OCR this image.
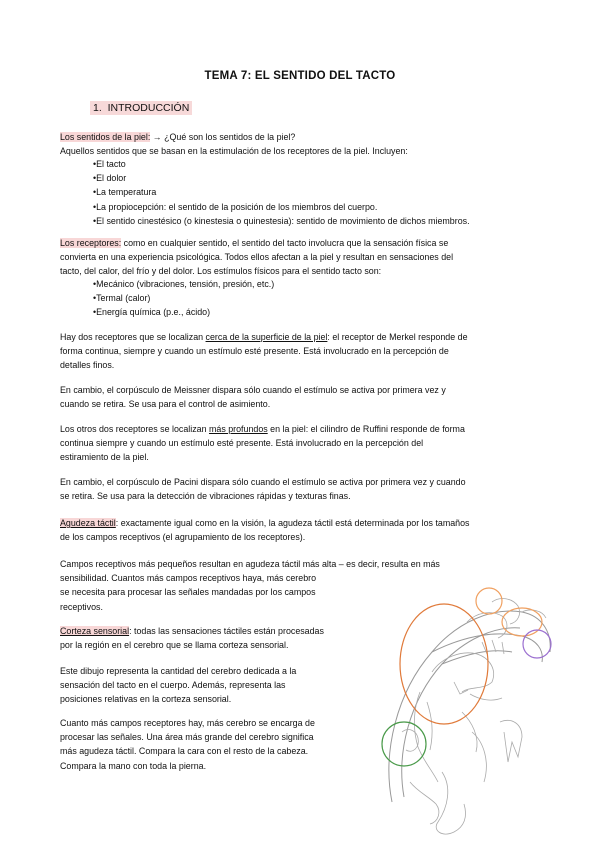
TEMA 7: EL SENTIDO DEL TACTO
1. INTRODUCCIÓN
Los sentidos de la piel: → ¿Qué son los sentidos de la piel?
Aquellos sentidos que se basan en la estimulación de los receptores de la piel. Incluyen:
• El tacto
• El dolor
• La temperatura
• La propiocepción: el sentido de la posición de los miembros del cuerpo.
• El sentido cinestésico (o kinestesia o quinestesia): sentido de movimiento de dichos miembros.
Los receptores: como en cualquier sentido, el sentido del tacto involucra que la sensación física se
convierta en una experiencia psicológica. Todos ellos afectan a la piel y resultan en sensaciones del
tacto, del calor, del frío y del dolor. Los estímulos físicos para el sentido tacto son:
• Mecánico (vibraciones, tensión, presión, etc.)
• Termal (calor)
• Energía química (p.e., ácido)
Hay dos receptores que se localizan cerca de la superficie de la piel: el receptor de Merkel responde de
forma continua, siempre y cuando un estímulo esté presente. Está involucrado en la percepción de
detalles finos.
En cambio, el corpúsculo de Meissner dispara sólo cuando el estímulo se activa por primera vez y
cuando se retira. Se usa para el control de asimiento.
Los otros dos receptores se localizan más profundos en la piel: el cilindro de Ruffini responde de forma
continua siempre y cuando un estímulo esté presente. Está involucrado en la percepción del
estiramiento de la piel.
En cambio, el corpúsculo de Pacini dispara sólo cuando el estímulo se activa por primera vez y cuando
se retira. Se usa para la detección de vibraciones rápidas y texturas finas.
Agudeza táctil: exactamente igual como en la visión, la agudeza táctil está determinada por los tamaños
de los campos receptivos (el agrupamiento de los receptores).
Campos receptivos más pequeños resultan en agudeza táctil más alta – es decir, resulta en más
sensibilidad. Cuantos más campos receptivos haya, más cerebro
se necesita para procesar las señales mandadas por los campos
receptivos.
Corteza sensorial: todas las sensaciones táctiles están procesadas
por la región en el cerebro que se llama corteza sensorial.
Este dibujo representa la cantidad del cerebro dedicada a la
sensación del tacto en el cuerpo. Además, representa las
posiciones relativas en la corteza sensorial.
Cuanto más campos receptores hay, más cerebro se encarga de
procesar las señales. Una área más grande del cerebro significa
más agudeza táctil. Compara la cara con el resto de la cabeza.
Compara la mano con toda la pierna.
